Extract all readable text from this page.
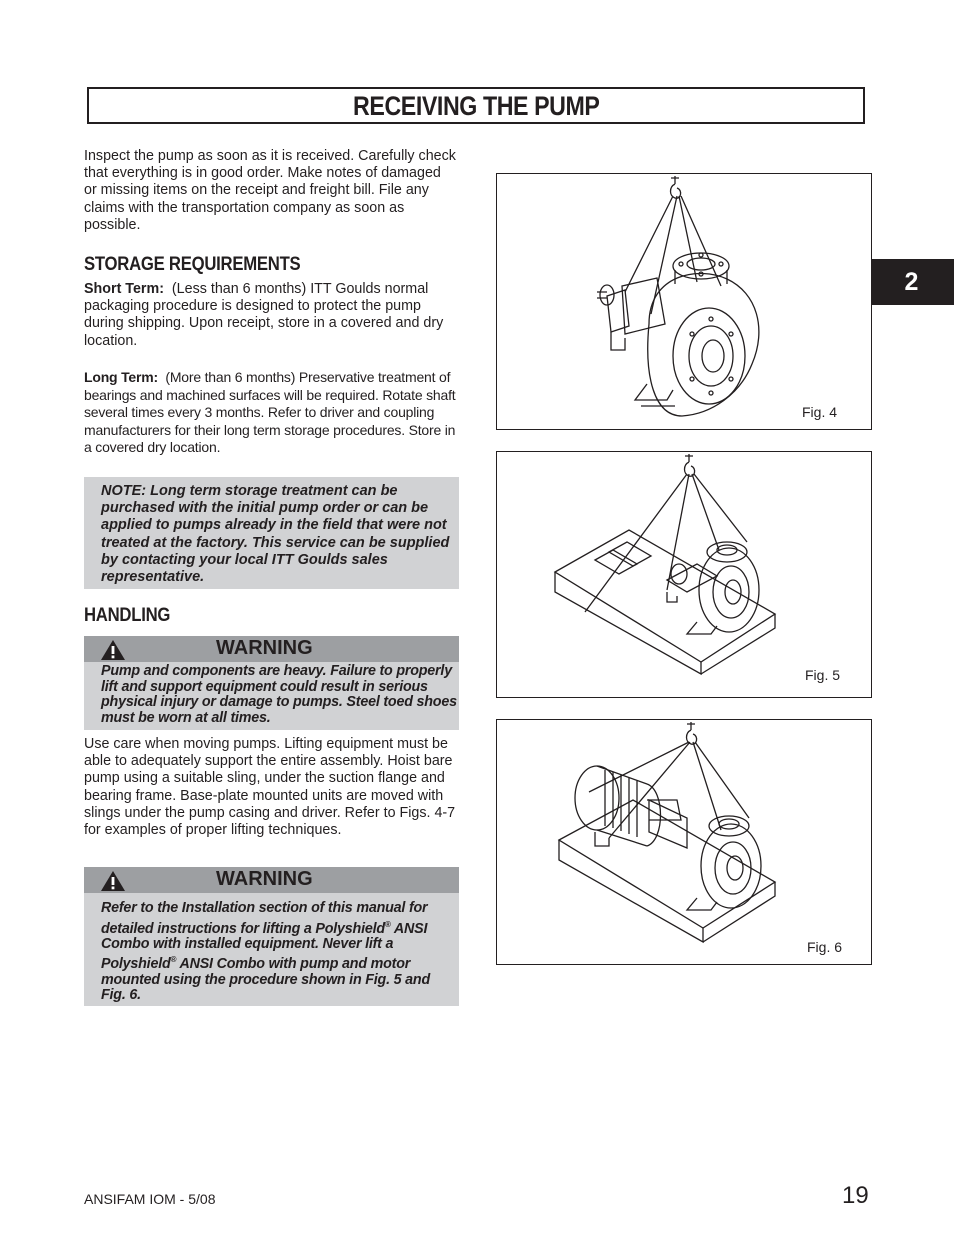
RECEIVING THE PUMP
2
Inspect the pump as soon as it is received. Carefully check that everything is in good order. Make notes of damaged or missing items on the receipt and freight bill. File any claims with the transportation company as soon as possible.
STORAGE REQUIREMENTS
Short Term: (Less than 6 months) ITT Goulds normal packaging procedure is designed to protect the pump during shipping. Upon receipt, store in a covered and dry location.
Long Term: (More than 6 months) Preservative treatment of bearings and machined surfaces will be required. Rotate shaft several times every 3 months. Refer to driver and coupling manufacturers for their long term storage procedures. Store in a covered dry location.

NOTE: Long term storage treatment can be purchased with the initial pump order or can be applied to pumps already in the field that were not treated at the factory. This service can be supplied by contacting your local ITT Goulds sales representative.

HANDLING
WARNING

Pump and components are heavy. Failure to properly lift and support equipment could result in serious physical injury or damage to pumps. Steel toed shoes must be worn at all times.

Use care when moving pumps. Lifting equipment must be able to adequately support the entire assembly. Hoist bare pump using a suitable sling, under the suction flange and bearing frame. Base-plate mounted units are moved with slings under the pump casing and driver. Refer to Figs. 4-7 for examples of proper lifting techniques.
WARNING

Refer to the Installation section of this manual for detailed instructions for lifting a Polyshield® ANSI Combo with installed equipment. Never lift a Polyshield® ANSI Combo with pump and motor mounted using the procedure shown in Fig. 5 and Fig. 6.

Fig. 4
Fig. 5
Fig. 6
ANSIFAM IOM - 5/08	19
